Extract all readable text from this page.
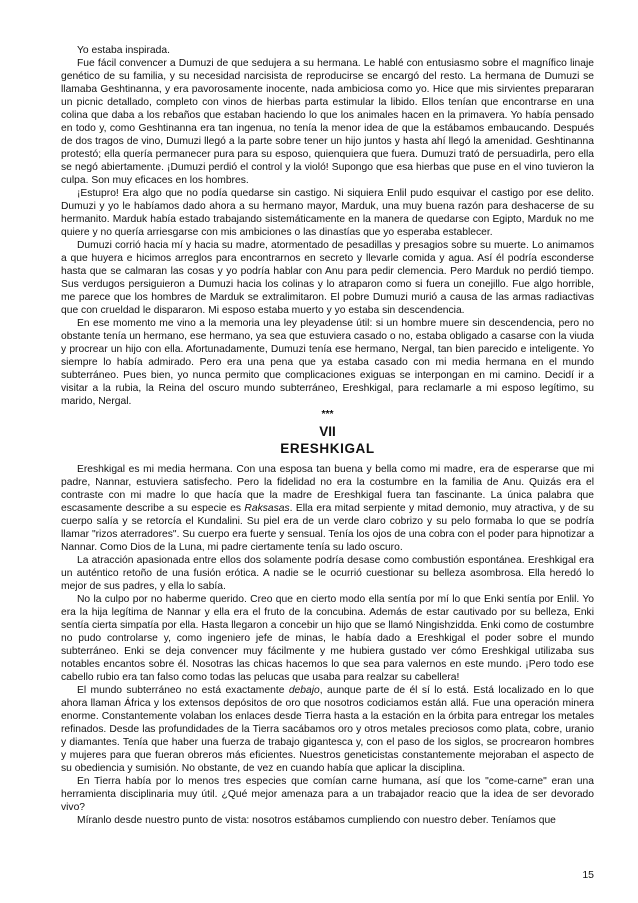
Yo estaba inspirada.

Fue fácil convencer a Dumuzi de que sedujera a su hermana. Le hablé con entusiasmo sobre el magnífico linaje genético de su familia, y su necesidad narcisista de reproducirse se encargó del resto. La hermana de Dumuzi se llamaba Geshtinanna, y era pavorosamente inocente, nada ambiciosa como yo. Hice que mis sirvientes prepararan un picnic detallado, completo con vinos de hierbas parta estimular la libido. Ellos tenían que encontrarse en una colina que daba a los rebaños que estaban haciendo lo que los animales hacen en la primavera. Yo había pensado en todo y, como Geshtinanna era tan ingenua, no tenía la menor idea de que la estábamos embaucando. Después de dos tragos de vino, Dumuzi llegó a la parte sobre tener un hijo juntos y hasta ahí llegó la amenidad. Geshtinanna protestó; ella quería permanecer pura para su esposo, quienquiera que fuera. Dumuzi trató de persuadirla, pero ella se negó abiertamente. ¡Dumuzi perdió el control y la violó! Supongo que esa hierbas que puse en el vino tuvieron la culpa. Son muy eficaces en los hombres.

¡Estupro! Era algo que no podía quedarse sin castigo. Ni siquiera Enlil pudo esquivar el castigo por ese delito. Dumuzi y yo le habíamos dado ahora a su hermano mayor, Marduk, una muy buena razón para deshacerse de su hermanito. Marduk había estado trabajando sistemáticamente en la manera de quedarse con Egipto, Marduk no me quiere y no quería arriesgarse con mis ambiciones o las dinastías que yo esperaba establecer.

Dumuzi corrió hacia mí y hacia su madre, atormentado de pesadillas y presagios sobre su muerte. Lo animamos a que huyera e hicimos arreglos para encontrarnos en secreto y llevarle comida y agua. Así él podría esconderse hasta que se calmaran las cosas y yo podría hablar con Anu para pedir clemencia. Pero Marduk no perdió tiempo. Sus verdugos persiguieron a Dumuzi hacia los colinas y lo atraparon como si fuera un conejillo. Fue algo horrible, me parece que los hombres de Marduk se extralimitaron. El pobre Dumuzi murió a causa de las armas radiactivas que con crueldad le dispararon. Mi esposo estaba muerto y yo estaba sin descendencia.

En ese momento me vino a la memoria una ley pleyadense útil: si un hombre muere sin descendencia, pero no obstante tenía un hermano, ese hermano, ya sea que estuviera casado o no, estaba obligado a casarse con la viuda y procrear un hijo con ella. Afortunadamente, Dumuzi tenía ese hermano, Nergal, tan bien parecido e inteligente. Yo siempre lo había admirado. Pero era una pena que ya estaba casado con mi media hermana en el mundo subterráneo. Pues bien, yo nunca permito que complicaciones exiguas se interpongan en mi camino. Decidí ir a visitar a la rubia, la Reina del oscuro mundo subterráneo, Ereshkigal, para reclamarle a mi esposo legítimo, su marido, Nergal.

***

VII
ERESHKIGAL

Ereshkigal es mi media hermana. Con una esposa tan buena y bella como mi madre, era de esperarse que mi padre, Nannar, estuviera satisfecho. Pero la fidelidad no era la costumbre en la familia de Anu. Quizás era el contraste con mi madre lo que hacía que la madre de Ereshkigal fuera tan fascinante. La única palabra que escasamente describe a su especie es Raksasas. Ella era mitad serpiente y mitad demonio, muy atractiva, y de su cuerpo salía y se retorcía el Kundalini. Su piel era de un verde claro cobrizo y su pelo formaba lo que se podría llamar "rizos aterradores". Su cuerpo era fuerte y sensual. Tenía los ojos de una cobra con el poder para hipnotizar a Nannar. Como Dios de la Luna, mi padre ciertamente tenía su lado oscuro.

La atracción apasionada entre ellos dos solamente podría desase como combustión espontánea. Ereshkigal era un auténtico retoño de una fusión erótica. A nadie se le ocurrió cuestionar su belleza asombrosa. Ella heredó lo mejor de sus padres, y ella lo sabía.

No la culpo por no haberme querido. Creo que en cierto modo ella sentía por mí lo que Enki sentía por Enlil. Yo era la hija legítima de Nannar y ella era el fruto de la concubina. Además de estar cautivado por su belleza, Enki sentía cierta simpatía por ella. Hasta llegaron a concebir un hijo que se llamó Ningishzidda. Enki como de costumbre no pudo controlarse y, como ingeniero jefe de minas, le había dado a Ereshkigal el poder sobre el mundo subterráneo. Enki se deja convencer muy fácilmente y me hubiera gustado ver cómo Ereshkigal utilizaba sus notables encantos sobre él. Nosotras las chicas hacemos lo que sea para valernos en este mundo. ¡Pero todo ese cabello rubio era tan falso como todas las pelucas que usaba para realzar su cabellera!

El mundo subterráneo no está exactamente debajo, aunque parte de él sí lo está. Está localizado en lo que ahora llaman África y los extensos depósitos de oro que nosotros codiciamos están allá. Fue una operación minera enorme. Constantemente volaban los enlaces desde Tierra hasta a la estación en la órbita para entregar los metales refinados. Desde las profundidades de la Tierra sacábamos oro y otros metales preciosos como plata, cobre, uranio y diamantes. Tenía que haber una fuerza de trabajo gigantesca y, con el paso de los siglos, se procrearon hombres y mujeres para que fueran obreros más eficientes. Nuestros geneticistas constantemente mejoraban el aspecto de su obediencia y sumisión. No obstante, de vez en cuando había que aplicar la disciplina.

En Tierra había por lo menos tres especies que comían carne humana, así que los "come-carne" eran una herramienta disciplinaria muy útil. ¿Qué mejor amenaza para a un trabajador reacio que la idea de ser devorado vivo?

Míranlo desde nuestro punto de vista: nosotros estábamos cumpliendo con nuestro deber. Teníamos que

15
